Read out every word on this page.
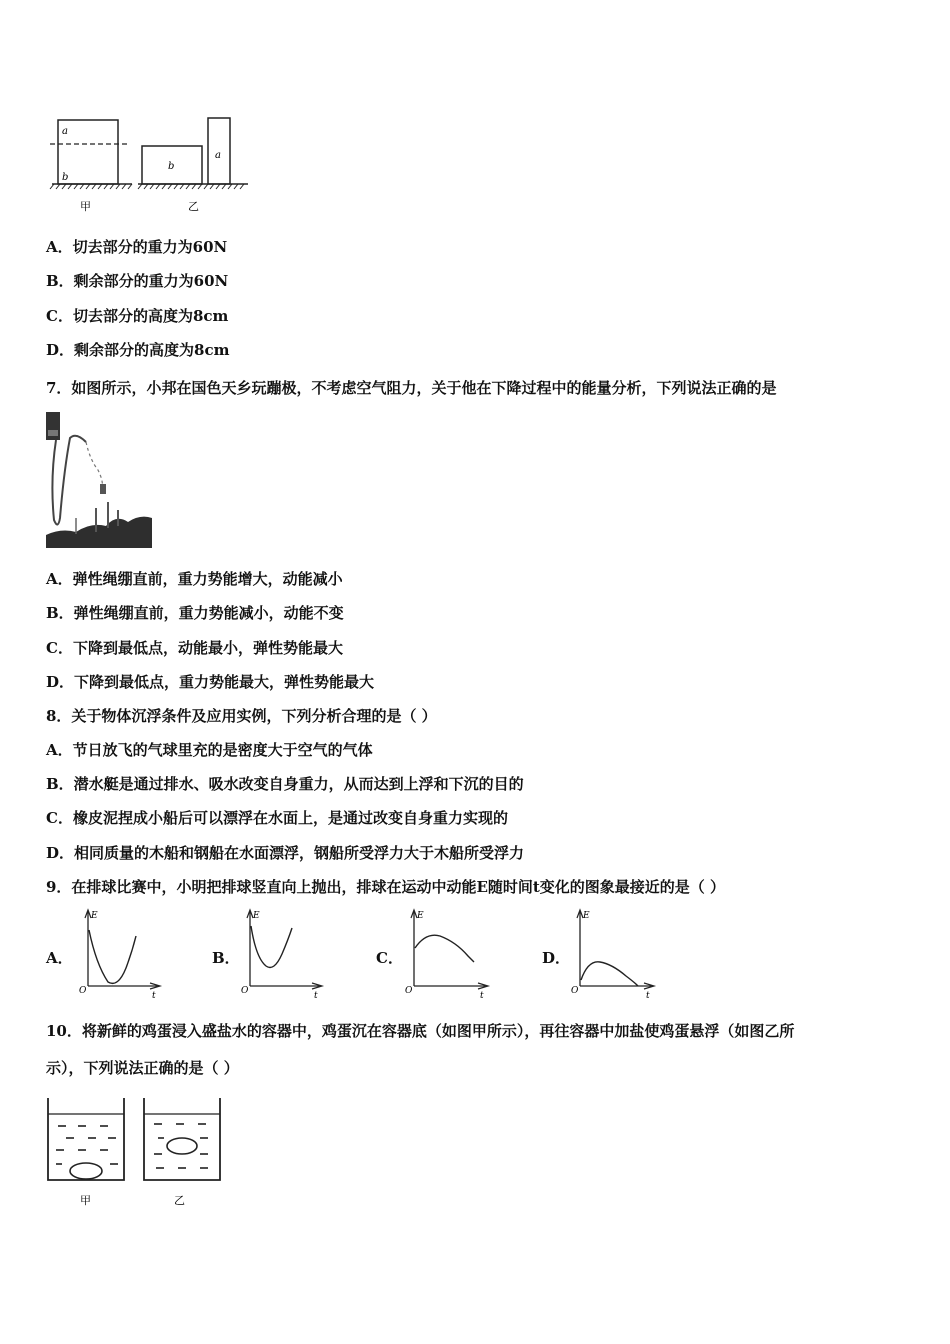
a
b
甲
b
a
乙
A．切去部分的重力为60N
B．剩余部分的重力为60N
C．切去部分的高度为8cm
D．剩余部分的高度为8cm
7．如图所示，小邦在国色天乡玩蹦极，不考虑空气阻力，关于他在下降过程中的能量分析，下列说法正确的是
A．弹性绳绷直前，重力势能增大，动能减小
B．弹性绳绷直前，重力势能减小，动能不变
C．下降到最低点，动能最小，弹性势能最大
D．下降到最低点，重力势能最大，弹性势能最大
8．关于物体沉浮条件及应用实例，下列分析合理的是（ ）
A．节日放飞的气球里充的是密度大于空气的气体
B．潜水艇是通过排水、吸水改变自身重力，从而达到上浮和下沉的目的
C．橡皮泥捏成小船后可以漂浮在水面上，是通过改变自身重力实现的
D．相同质量的木船和钢船在水面漂浮，钢船所受浮力大于木船所受浮力
9．在排球比赛中，小明把排球竖直向上抛出，排球在运动中动能E随时间t变化的图象最接近的是（ ）
A．
E
t
O
B．
E
t
O
C．
E
t
O
D．
E
t
O
10．将新鲜的鸡蛋浸入盛盐水的容器中，鸡蛋沉在容器底（如图甲所示），再往容器中加盐使鸡蛋悬浮（如图乙所
示），下列说法正确的是（ ）
甲	乙
